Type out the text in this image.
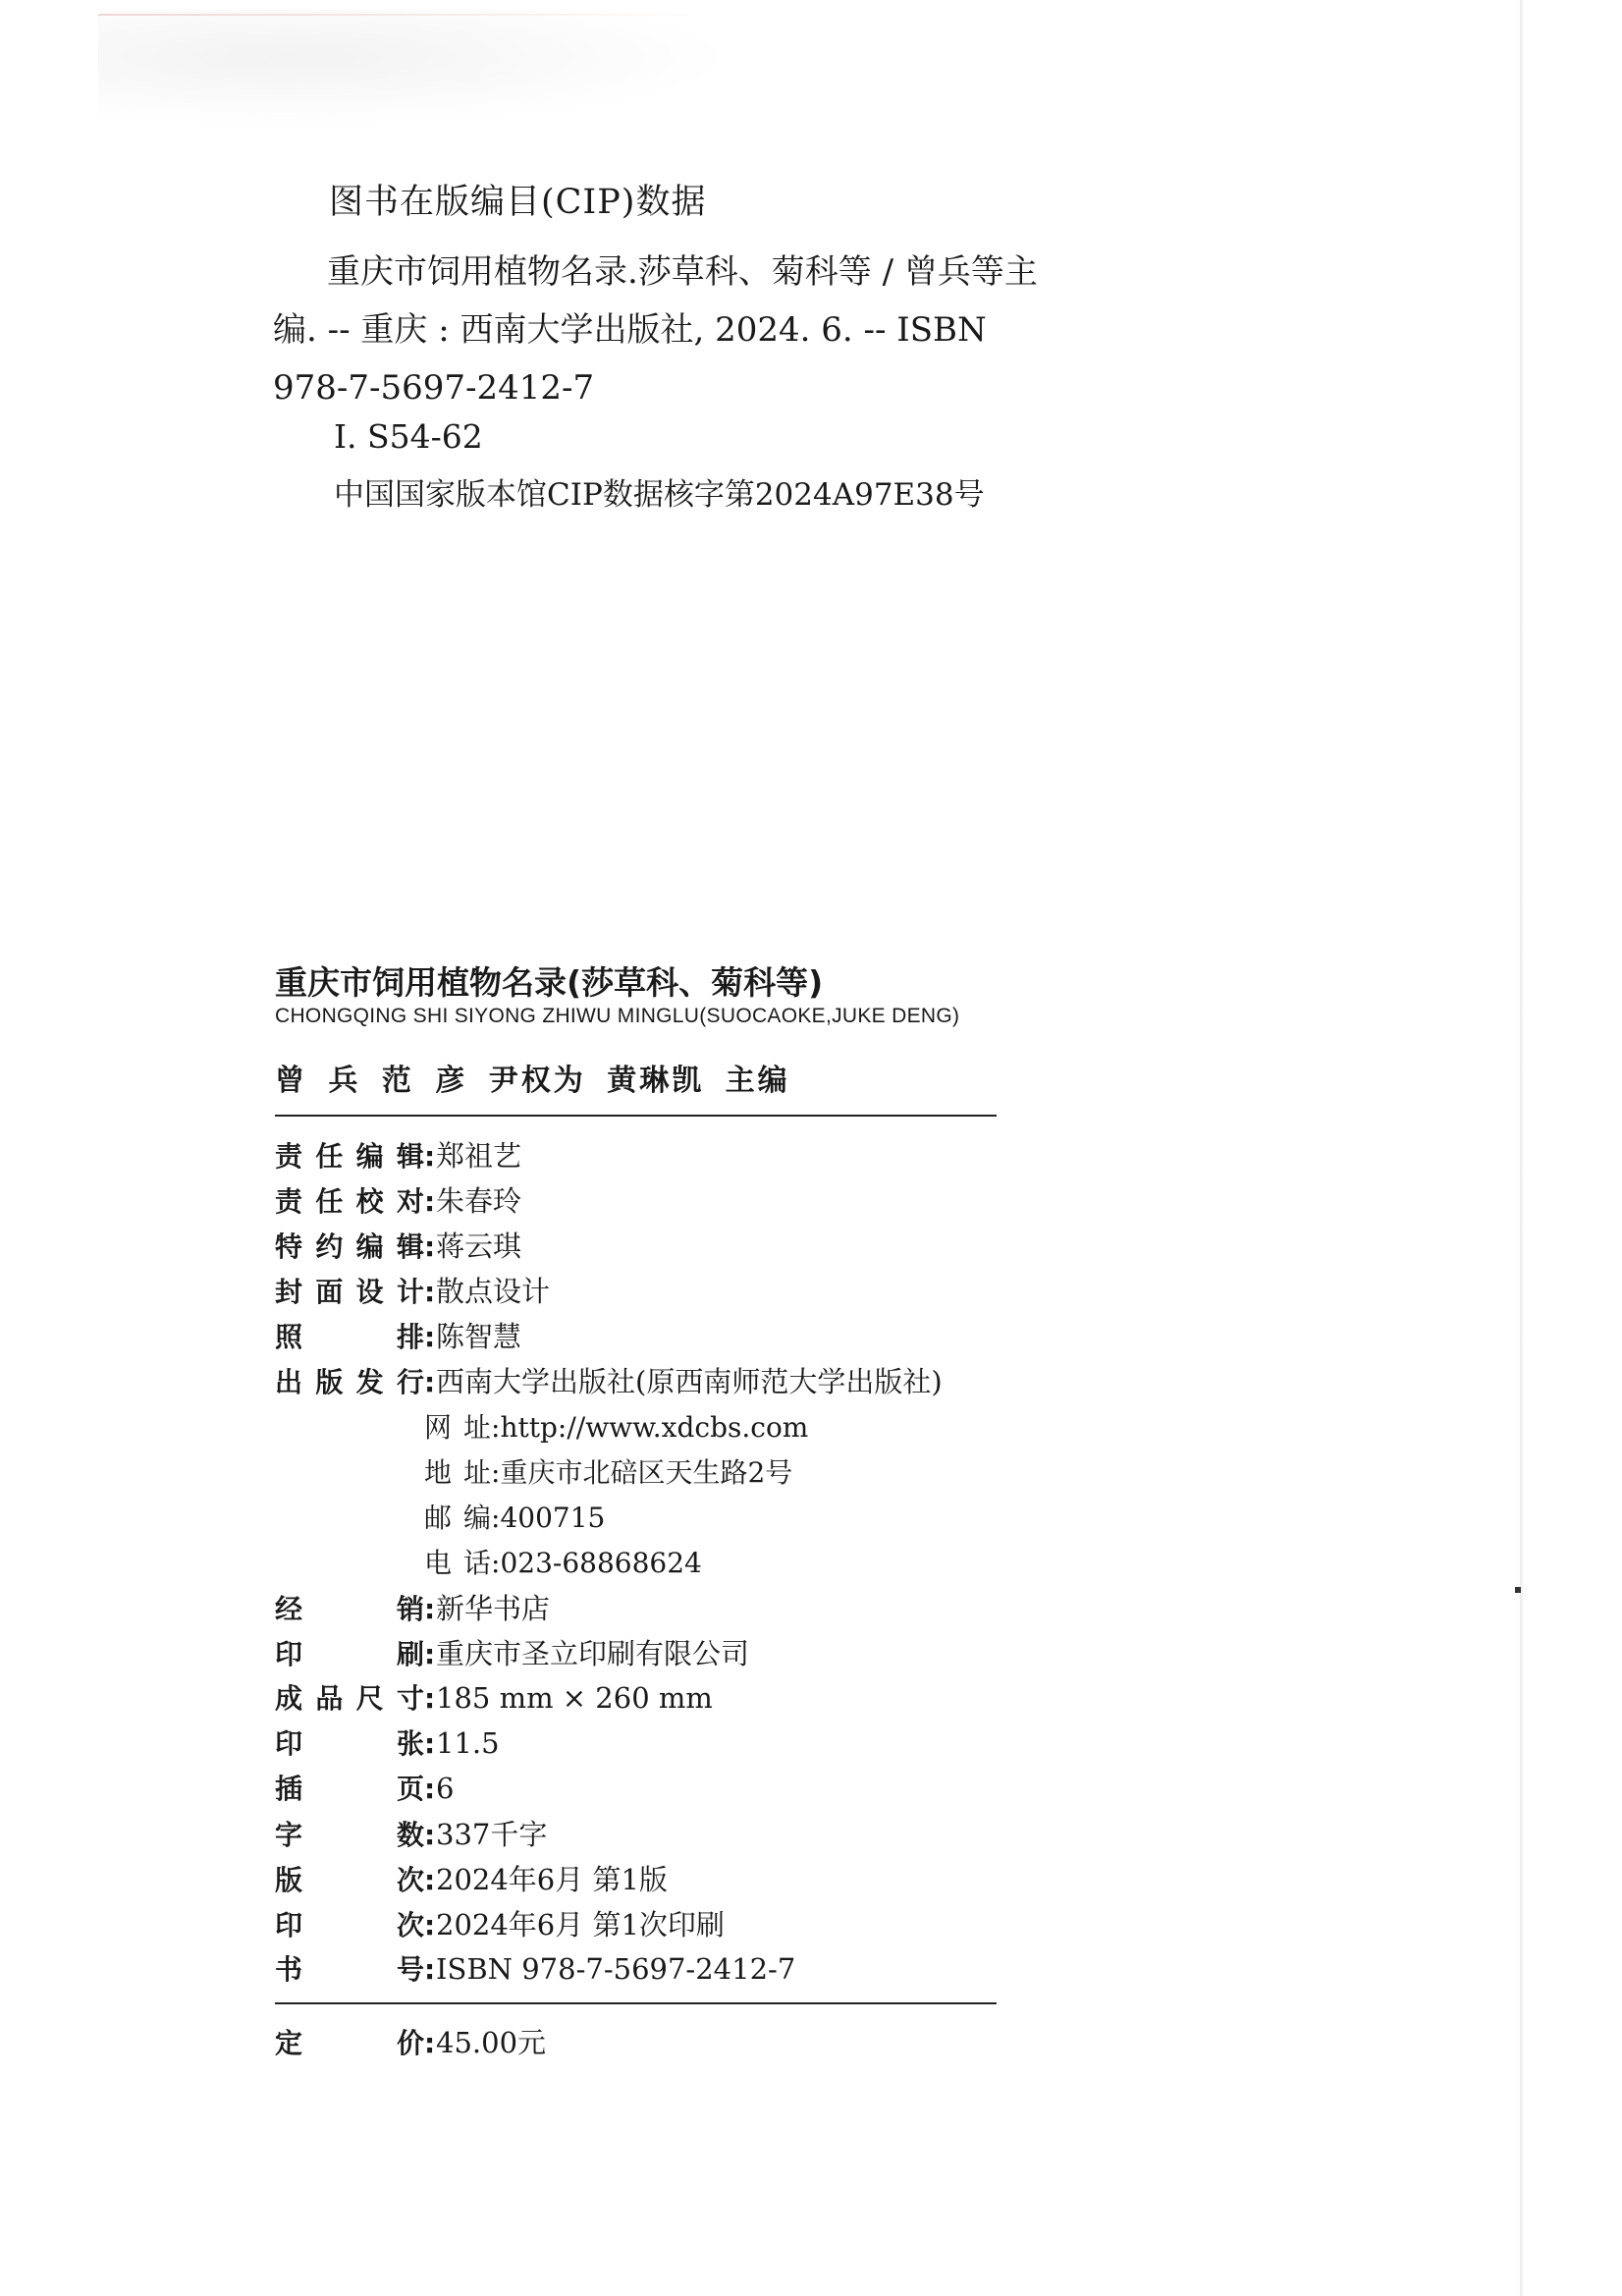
图书在版编目(CIP)数据
重庆市饲用植物名录.莎草科、菊科等 / 曾兵等主编. -- 重庆 : 西南大学出版社, 2024. 6. -- ISBN 978-7-5697-2412-7
Ⅰ. S54-62
中国国家版本馆CIP数据核字第2024A97E38号
重庆市饲用植物名录(莎草科、菊科等)
CHONGQING SHI SIYONG ZHIWU MINGLU(SUOCAOKE,JUKE DENG)
曾 兵 范 彦 尹权为 黄琳凯 主编
责任编辑:郑祖艺
责任校对:朱春玲
特约编辑:蒋云琪
封面设计:散点设计
照排:陈智慧
出版发行:西南大学出版社(原西南师范大学出版社)
网址:http://www.xdcbs.com
地址:重庆市北碚区天生路2号
邮编:400715
电话:023-68868624
经销:新华书店
印刷:重庆市圣立印刷有限公司
成品尺寸:185 mm × 260 mm
印张:11.5
插页:6
字数:337千字
版次:2024年6月 第1版
印次:2024年6月 第1次印刷
书号:ISBN 978-7-5697-2412-7
定价:45.00元
